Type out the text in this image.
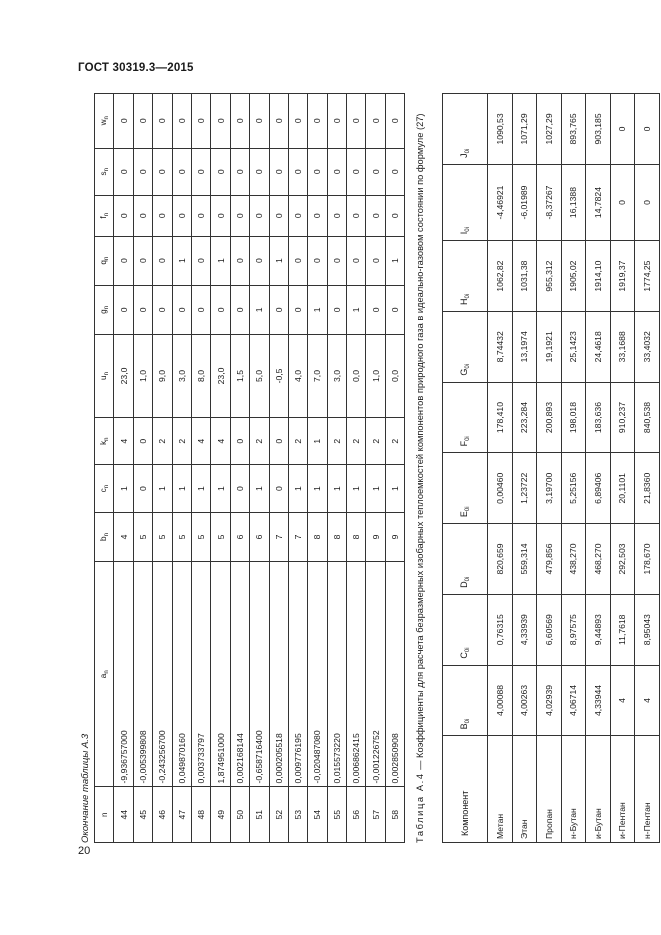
ГОСТ 30319.3—2015
Окончание таблицы А.3 n	$a_n$	$b_n$	$c_n$	$k_n$	$u_n$	$g_n$	$q_n$	$f_n$	$s_n$	$w_n$
44	-9,936757000	4	1	4	23,0	0	0	0	0	0
45	-0,005399808	5	0	0	1,0	0	0	0	0	0
46	-0,243256700	5	1	2	9,0	0	0	0	0	0
47	0,049870160	5	1	2	3,0	0	1	0	0	0
48	0,003733797	5	1	4	8,0	0	0	0	0	0
49	1,874951000	5	1	4	23,0	0	1	0	0	0
50	0,002168144	6	0	0	1,5	0	0	0	0	0
51	-0,658716400	6	1	2	5,0	1	0	0	0	0
52	0,000205518	7	0	0	-0,5	0	1	0	0	0
53	0,009776195	7	1	2	4,0	0	0	0	0	0
54	-0,020487080	8	1	1	7,0	1	0	0	0	0
55	0,015573220	8	1	2	3,0	0	0	0	0	0
56	0,006862415	8	1	2	0,0	1	0	0	0	0
57	-0,001226752	9	1	2	1,0	0	0	0	0	0
58	0,002850908	9	1	2	0,0	0	1	0	0	0
Таблица А.4 — Коэффициенты для расчета безразмерных изобарных теплоемкостей компонентов природного газа в идеально-газовом состоянии по формуле (27)
Компонент	$B_{0i}$	$C_{0i}$	$D_{0i}$	$E_{0i}$	$F_{0i}$	$G_{0i}$	$H_{0i}$	$I_{0i}$	$J_{0i}$
Метан	4,00088	0,76315	820,659	0,00460	178,410	8,74432	1062,82	-4,46921	1090,53
Этан	4,00263	4,33939	559,314	1,23722	223,284	13,1974	1031,38	-6,01989	1071,29
Пропан	4,02939	6,60569	479,856	3,19700	200,893	19,1921	955,312	-8,37267	1027,29
н-Бутан	4,06714	8,97575	438,270	5,25156	198,018	25,1423	1905,02	16,1388	893,765
и-Бутан	4,33944	9,44893	468,270	6,89406	183,636	24,4618	1914,10	14,7824	903,185
и-Пентан	4	11,7618	292,503	20,1101	910,237	33,1688	1919,37	0	0
н-Пентан	4	8,95043	178,670	21,8360	840,538	33,4032	1774,25	0	0
20
